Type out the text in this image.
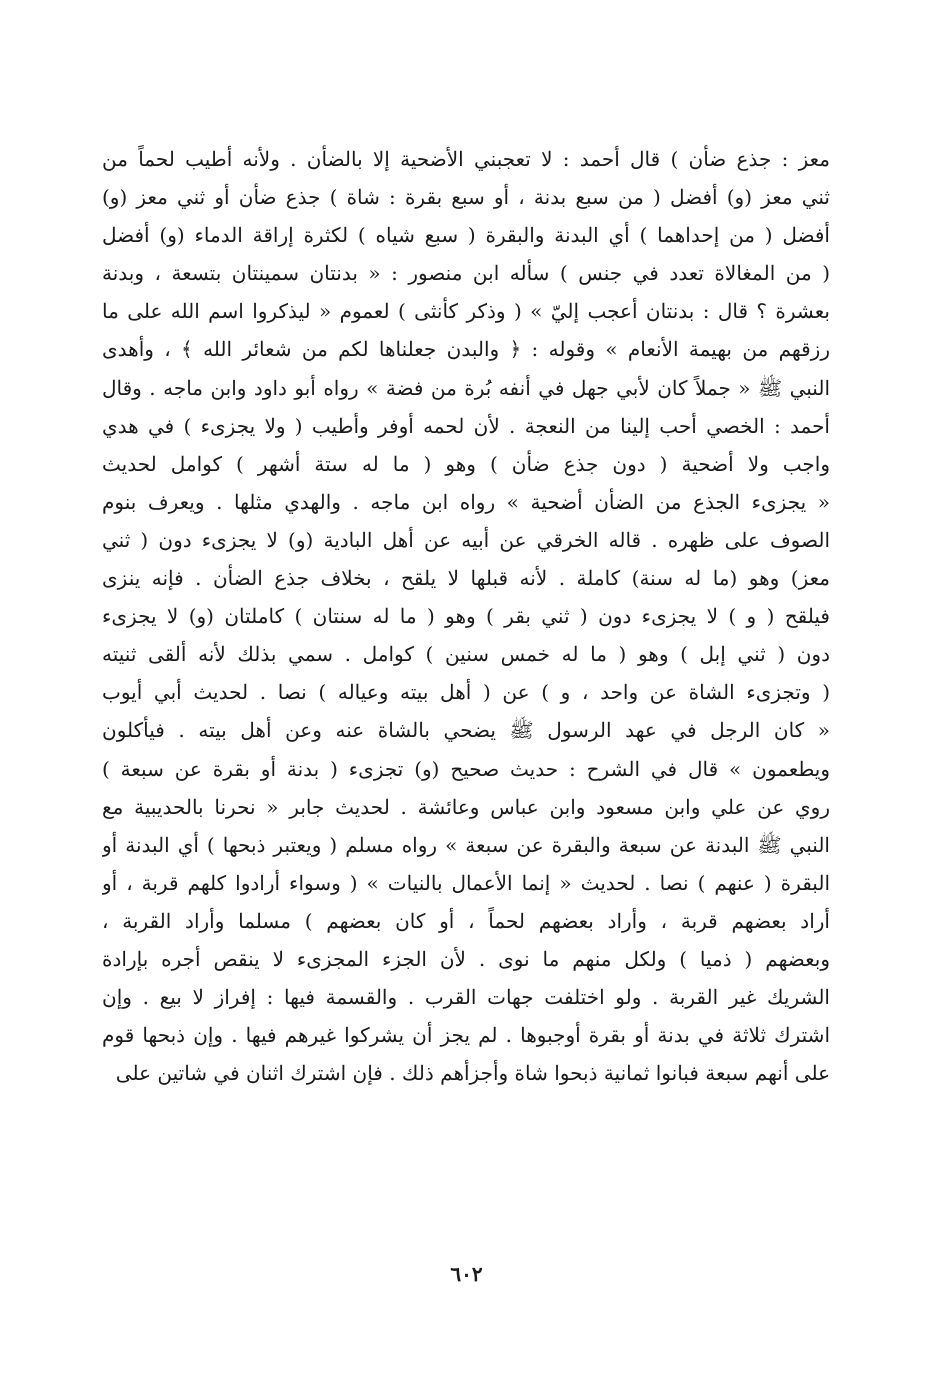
معز : جذع ضأن ) قال أحمد : لا تعجبني الأضحية إلا بالضأن . ولأنه أطيب لحماً من
ثني معز (و) أفضل ( من سبع بدنة ، أو سبع بقرة : شاة ) جذع ضأن أو ثني معز (و)
أفضل ( من إحداهما ) أي البدنة والبقرة ( سبع شياه ) لكثرة إراقة الدماء (و) أفضل
( من المغالاة تعدد في جنس ) سأله ابن منصور : « بدنتان سمينتان بتسعة ، وبدنة
بعشرة ؟ قال : بدنتان أعجب إليّ » ( وذكر كأنثى ) لعموم « ليذكروا اسم الله على ما
رزقهم من بهيمة الأنعام » وقوله : ﴿ والبدن جعلناها لكم من شعائر الله ﴾ ، وأهدى
النبي ﷺ « جملاً كان لأبي جهل في أنفه بُرة من فضة » رواه أبو داود وابن ماجه . وقال
أحمد : الخصي أحب إلينا من النعجة . لأن لحمه أوفر وأطيب ( ولا يجزىء ) في هدي
واجب ولا أضحية ( دون جذع ضأن ) وهو ( ما له ستة أشهر ) كوامل لحديث
« يجزىء الجذع من الضأن أضحية » رواه ابن ماجه . والهدي مثلها . ويعرف بنوم
الصوف على ظهره . قاله الخرقي عن أبيه عن أهل البادية (و) لا يجزىء دون ( ثني
معز) وهو (ما له سنة) كاملة . لأنه قبلها لا يلقح ، بخلاف جذع الضأن . فإنه ينزى
فيلقح ( و ) لا يجزىء دون ( ثني بقر ) وهو ( ما له سنتان ) كاملتان (و) لا يجزىء
دون ( ثني إبل ) وهو ( ما له خمس سنين ) كوامل . سمي بذلك لأنه ألقى ثنيته
( وتجزىء الشاة عن واحد ، و ) عن ( أهل بيته وعياله ) نصا . لحديث أبي أيوب
« كان الرجل في عهد الرسول ﷺ يضحي بالشاة عنه وعن أهل بيته . فيأكلون
ويطعمون » قال في الشرح : حديث صحيح (و) تجزىء ( بدنة أو بقرة عن سبعة )
روي عن علي وابن مسعود وابن عباس وعائشة . لحديث جابر « نحرنا بالحديبية مع
النبي ﷺ البدنة عن سبعة والبقرة عن سبعة » رواه مسلم ( ويعتبر ذبحها ) أي البدنة أو
البقرة ( عنهم ) نصا . لحديث « إنما الأعمال بالنيات » ( وسواء أرادوا كلهم قربة ، أو
أراد بعضهم قربة ، وأراد بعضهم لحماً ، أو كان بعضهم ) مسلما وأراد القربة ،
وبعضهم ( ذميا ) ولكل منهم ما نوى . لأن الجزء المجزىء لا ينقص أجره بإرادة
الشريك غير القربة . ولو اختلفت جهات القرب . والقسمة فيها : إفراز لا بيع . وإن
اشترك ثلاثة في بدنة أو بقرة أوجبوها . لم يجز أن يشركوا غيرهم فيها . وإن ذبحها قوم
على أنهم سبعة فبانوا ثمانية ذبحوا شاة وأجزأهم ذلك . فإن اشترك اثنان في شاتين على
٦٠٢
